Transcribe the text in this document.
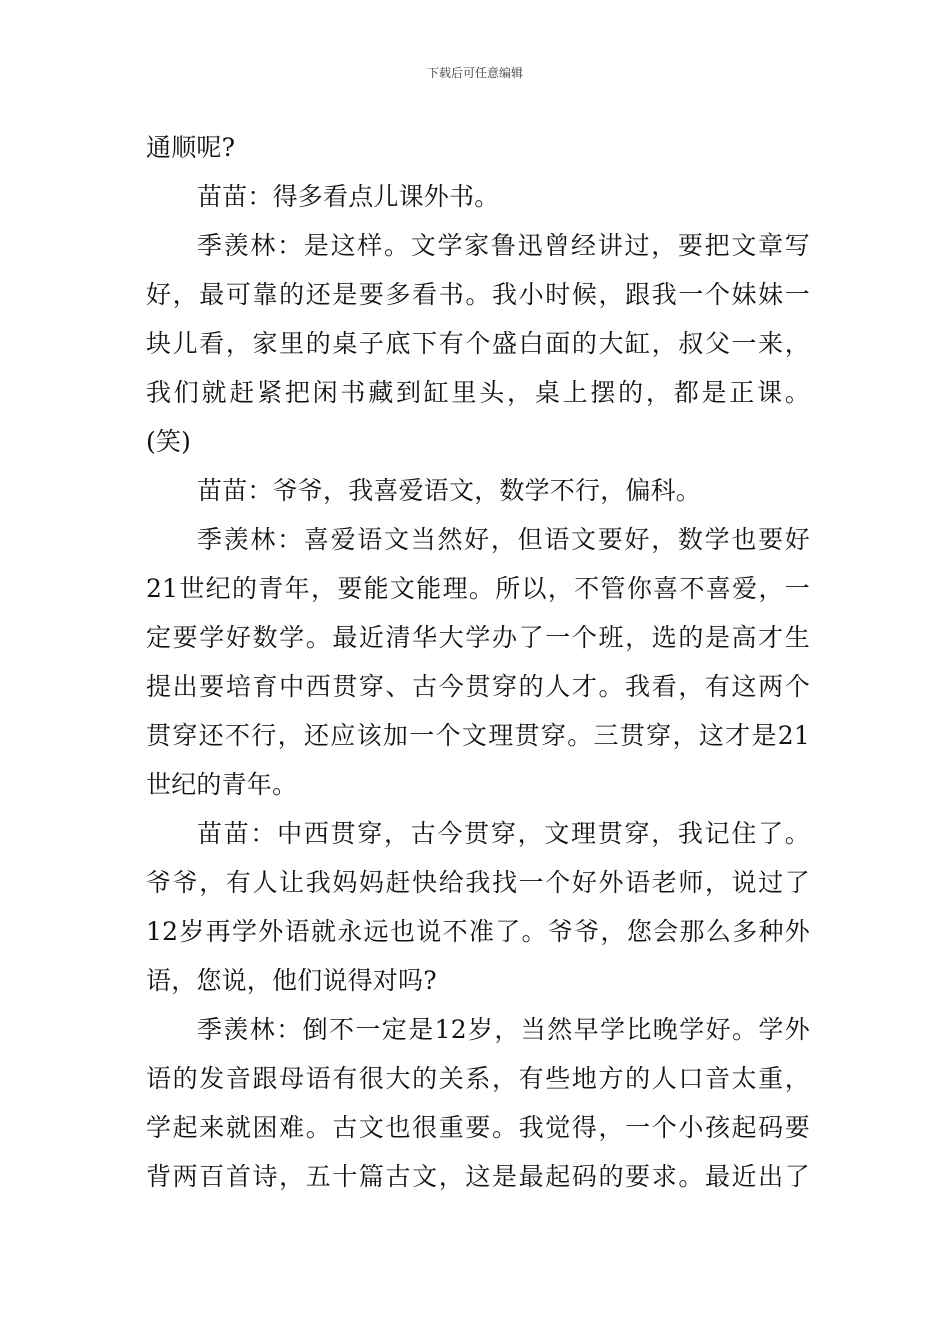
下载后可任意编辑
通顺呢?
苗苗：得多看点儿课外书。
季羡林：是这样。文学家鲁迅曾经讲过，要把文章写
好，最可靠的还是要多看书。我小时候，跟我一个妹妹一
块儿看，家里的桌子底下有个盛白面的大缸，叔父一来，
我们就赶紧把闲书藏到缸里头，桌上摆的，都是正课。
(笑)
苗苗：爷爷，我喜爱语文，数学不行，偏科。
季羡林：喜爱语文当然好，但语文要好，数学也要好
21世纪的青年，要能文能理。所以，不管你喜不喜爱，一
定要学好数学。最近清华大学办了一个班，选的是高才生
提出要培育中西贯穿、古今贯穿的人才。我看，有这两个
贯穿还不行，还应该加一个文理贯穿。三贯穿，这才是21
世纪的青年。
苗苗：中西贯穿，古今贯穿，文理贯穿，我记住了。
爷爷，有人让我妈妈赶快给我找一个好外语老师，说过了
12岁再学外语就永远也说不准了。爷爷，您会那么多种外
语，您说，他们说得对吗?
季羡林：倒不一定是12岁，当然早学比晚学好。学外
语的发音跟母语有很大的关系，有些地方的人口音太重，
学起来就困难。古文也很重要。我觉得，一个小孩起码要
背两百首诗，五十篇古文，这是最起码的要求。最近出了
